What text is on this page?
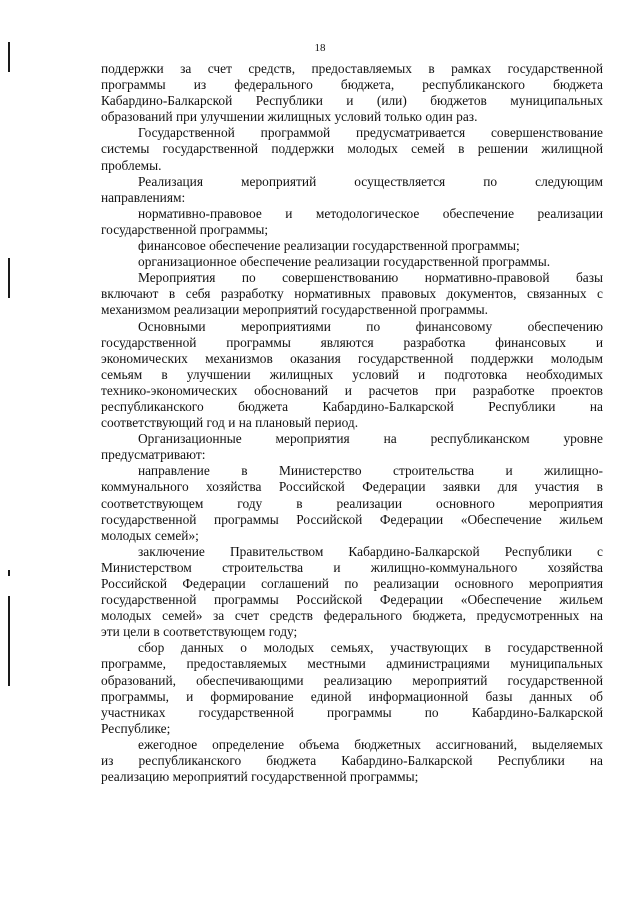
18

поддержки за счет средств, предоставляемых в рамках государственной

программы из федерального бюджета, республиканского бюджета

Кабардино-Балкарской Республики и (или) бюджетов муниципальных

образований при улучшении жилищных условий только один раз.

Государственной программой предусматривается совершенствование

системы государственной поддержки молодых семей в решении жилищной

проблемы.

Реализация мероприятий осуществляется по следующим

направлениям:

нормативно-правовое и методологическое обеспечение реализации

государственной программы;

финансовое обеспечение реализации государственной программы;

организационное обеспечение реализации государственной программы.

Мероприятия по совершенствованию нормативно-правовой базы

включают в себя разработку нормативных правовых документов, связанных с

механизмом реализации мероприятий государственной программы.

Основными мероприятиями по финансовому обеспечению

государственной программы являются разработка финансовых и

экономических механизмов оказания государственной поддержки молодым

семьям в улучшении жилищных условий и подготовка необходимых

технико-экономических обоснований и расчетов при разработке проектов

республиканского бюджета Кабардино-Балкарской Республики на

соответствующий год и на плановый период.

Организационные мероприятия на республиканском уровне

предусматривают:

направление в Министерство строительства и жилищно-

коммунального хозяйства Российской Федерации заявки для участия в

соответствующем году в реализации основного мероприятия

государственной программы Российской Федерации «Обеспечение жильем

молодых семей»;

заключение Правительством Кабардино-Балкарской Республики с

Министерством строительства и жилищно-коммунального хозяйства

Российской Федерации соглашений по реализации основного мероприятия

государственной программы Российской Федерации «Обеспечение жильем

молодых семей» за счет средств федерального бюджета, предусмотренных на

эти цели в соответствующем году;

сбор данных о молодых семьях, участвующих в государственной

программе, предоставляемых местными администрациями муниципальных

образований, обеспечивающими реализацию мероприятий государственной

программы, и формирование единой информационной базы данных об

участниках государственной программы по Кабардино-Балкарской

Республике;

ежегодное определение объема бюджетных ассигнований, выделяемых

из республиканского бюджета Кабардино-Балкарской Республики на

реализацию мероприятий государственной программы;
